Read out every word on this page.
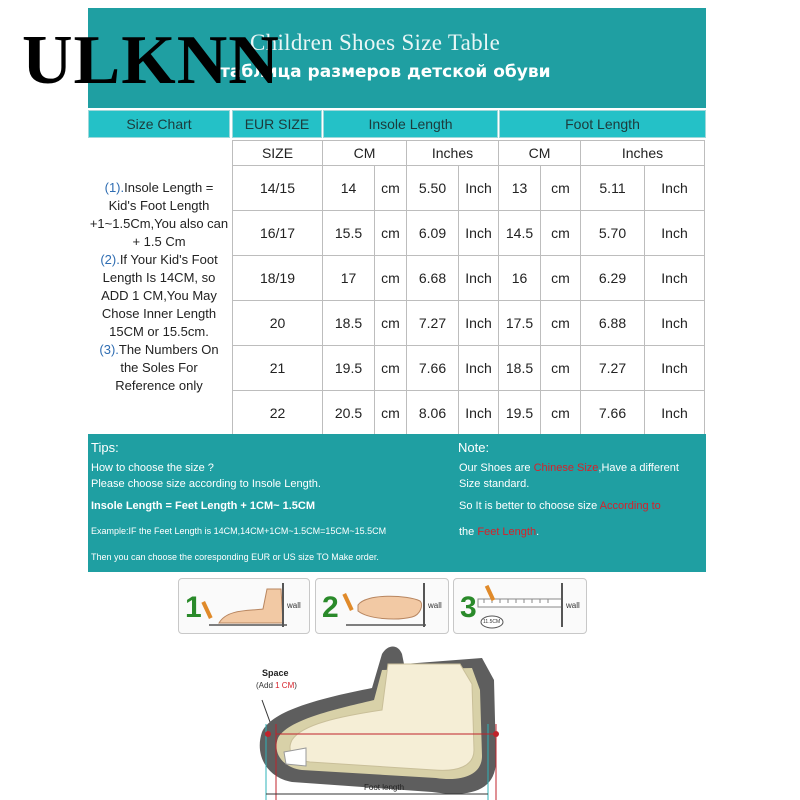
Children Shoes Size Table
таблица размеров детской обуви
ULKNN
Size Chart	EUR SIZE	Insole Length	Foot Length
(1).Insole Length = Kid's Foot Length +1~1.5Cm,You also can + 1.5 Cm
(2).If Your Kid's Foot Length Is 14CM, so ADD 1 CM,You May Chose Inner Length 15CM or 15.5cm.
(3).The Numbers On the Soles For Reference only
SIZE	CM		Inches		CM		Inches	
14/15	14	cm	5.50	Inch	13	cm	5.11	Inch
16/17	15.5	cm	6.09	Inch	14.5	cm	5.70	Inch
18/19	17	cm	6.68	Inch	16	cm	6.29	Inch
20	18.5	cm	7.27	Inch	17.5	cm	6.88	Inch
21	19.5	cm	7.66	Inch	18.5	cm	7.27	Inch
22	20.5	cm	8.06	Inch	19.5	cm	7.66	Inch
Tips:
How to choose the size ?
Please choose size according to Insole Length.
Insole Length = Feet Length + 1CM~ 1.5CM
Example:IF the Feet Length is 14CM,14CM+1CM~1.5CM=15CM~15.5CM
Then you can choose the coresponding EUR or US size TO Make order.
Note:
Our Shoes are Chinese Size,Have a different
Size standard.
So It is better to choose size According to
the Feet Length.
1	wall 2	wall 3	wall
11.5CM
Space
(Add 1 CM)
Foot length
